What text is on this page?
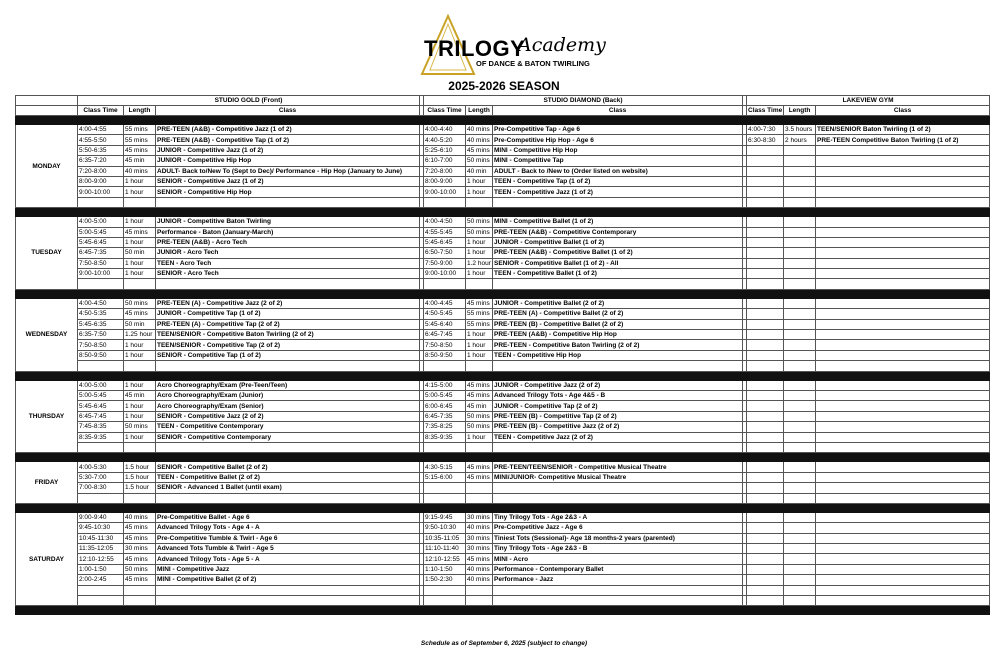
TRILOGY
Academy
OF DANCE & BATON TWIRLING
2025-2026 SEASON
	STUDIO GOLD (Front)				STUDIO DIAMOND (Back)				LAKEVIEW GYM		
	Class Time	Length	Class		Class Time	Length	Class		Class Time	Length	Class

MONDAY	4:00-4:55	55 mins	PRE-TEEN (A&B) - Competitive Jazz (1 of 2)		4:00-4:40	40 mins	Pre-Competitive Tap - Age 6		4:00-7:30	3.5 hours	TEEN/SENIOR Baton Twirling (1 of 2)
	4:55-5:50	55 mins	PRE-TEEN (A&B) - Competitive Tap (1 of 2)		4:40-5:20	40 mins	Pre-Competitive Hip Hop - Age 6		6:30-8:30	2 hours	PRE-TEEN Competitive Baton Twirling (1 of 2)
	5:50-6:35	45 mins	JUNIOR - Competitive Jazz (1 of 2)		5:25-6:10	45 mins	MINI - Competitive Hip Hop				
	6:35-7:20	45 min	JUNIOR - Competitive Hip Hop		6:10-7:00	50 mins	MINI - Competitive Tap				
	7:20-8:00	40 mins	ADULT- Back to/New To (Sept to Dec)/ Performance - Hip Hop (January to June)		7:20-8:00	40 min	ADULT - Back to /New to (Order listed on website)				
	8:00-9:00	1 hour	SENIOR - Competitive Jazz (1 of 2)		8:00-9:00	1 hour	TEEN - Competitive Tap (1 of 2)				
	9:00-10:00	1 hour	SENIOR - Competitive Hip Hop		9:00-10:00	1 hour	TEEN - Competitive Jazz (1 of 2)				

TUESDAY	4:00-5:00	1 hour	JUNIOR - Competitive Baton Twirling		4:00-4:50	50 mins	MINI - Competitive Ballet (1 of 2)				
	5:00-5:45	45 mins	Performance - Baton (January-March)		4:55-5:45	50 mins	PRE-TEEN (A&B) - Competitive Contemporary				
	5:45-6:45	1 hour	PRE-TEEN (A&B) - Acro Tech		5:45-6:45	1 hour	JUNIOR - Competitive Ballet (1 of 2)				
	6:45-7:35	50 min	JUNIOR - Acro Tech		6:50-7:50	1 hour	PRE-TEEN (A&B) - Competitive Ballet (1 of 2)				
	7:50-8:50	1 hour	TEEN - Acro Tech		7:50-9:00	1.2 hour	SENIOR - Competitive Ballet (1 of 2) - All				
	9:00-10:00	1 hour	SENIOR - Acro Tech		9:00-10:00	1 hour	TEEN - Competitive Ballet (1 of 2)				

WEDNESDAY	4:00-4:50	50 mins	PRE-TEEN (A) - Competitive Jazz (2 of 2)		4:00-4:45	45 mins	JUNIOR - Competitive Ballet (2 of 2)				
	4:50-5:35	45 mins	JUNIOR - Competitive Tap (1 of 2)		4:50-5:45	55 mins	PRE-TEEN (A) - Competitive Ballet (2 of 2)				
	5:45-6:35	50 min	PRE-TEEN (A) - Competitive Tap (2 of 2)		5:45-6:40	55 mins	PRE-TEEN (B) - Competitive Ballet (2 of 2)				
	6:35-7:50	1.25 hour	TEEN/SENIOR - Competitive Baton Twirling (2 of 2)		6:45-7:45	1 hour	PRE-TEEN (A&B) - Competitive Hip Hop				
	7:50-8:50	1 hour	TEEN/SENIOR - Competitive Tap (2 of 2)		7:50-8:50	1 hour	PRE-TEEN - Competitive Baton Twirling (2 of 2)				
	8:50-9:50	1 hour	SENIOR - Competitive Tap (1 of 2)		8:50-9:50	1 hour	TEEN - Competitive Hip Hop				

THURSDAY	4:00-5:00	1 hour	Acro Choreography/Exam (Pre-Teen/Teen)		4:15-5:00	45 mins	JUNIOR - Competitive Jazz (2 of 2)				
	5:00-5:45	45 min	Acro Choreography/Exam (Junior)		5:00-5:45	45 mins	Advanced Trilogy Tots - Age 4&5 - B				
	5:45-6:45	1 hour	Acro Choreography/Exam (Senior)		6:00-6:45	45 min	JUNIOR - Competitive Tap (2 of 2)				
	6:45-7:45	1 hour	SENIOR - Competitive Jazz (2 of 2)		6:45-7:35	50 mins	PRE-TEEN (B) - Competitive Tap (2 of 2)				
	7:45-8:35	50 mins	TEEN - Competitive Contemporary		7:35-8:25	50 mins	PRE-TEEN (B) - Competitive Jazz (2 of 2)				
	8:35-9:35	1 hour	SENIOR - Competitive Contemporary		8:35-9:35	1 hour	TEEN - Competitive Jazz (2 of 2)				

FRIDAY	4:00-5:30	1.5 hour	SENIOR - Competitive Ballet (2 of 2)		4:30-5:15	45 mins	PRE-TEEN/TEEN/SENIOR - Competitive Musical Theatre				
	5:30-7:00	1.5 hour	TEEN - Competitive Ballet (2 of 2)		5:15-6:00	45 mins	MINI/JUNIOR- Competitive Musical Theatre				
	7:00-8:30	1.5 hour	SENIOR - Advanced 1 Ballet (until exam)								

SATURDAY	9:00-9:40	40 mins	Pre-Competitive Ballet - Age 6		9:15-9:45	30 mins	Tiny Trilogy Tots - Age 2&3 - A				
	9:45-10:30	45 mins	Advanced Trilogy Tots - Age 4 - A		9:50-10:30	40 mins	Pre-Competitive Jazz - Age 6				
	10:45-11:30	45 mins	Pre-Competitive Tumble & Twirl - Age 6		10:35-11:05	30 mins	Tiniest Tots (Sessional)- Age 18 months-2 years (parented)				
	11:35-12:05	30 mins	Advanced Tots Tumble & Twirl - Age 5		11:10-11:40	30 mins	Tiny Trilogy Tots - Age 2&3 - B				
	12:10-12:55	45 mins	Advanced Trilogy Tots - Age 5 - A		12:10-12:55	45 mins	MINI - Acro				
	1:00-1:50	50 mins	MINI - Competitive Jazz		1:10-1:50	40 mins	Performance - Contemporary Ballet				
	2:00-2:45	45 mins	MINI - Competitive Ballet (2 of 2)		1:50-2:30	40 mins	Performance - Jazz				

Schedule as of September 6, 2025 (subject to change)
